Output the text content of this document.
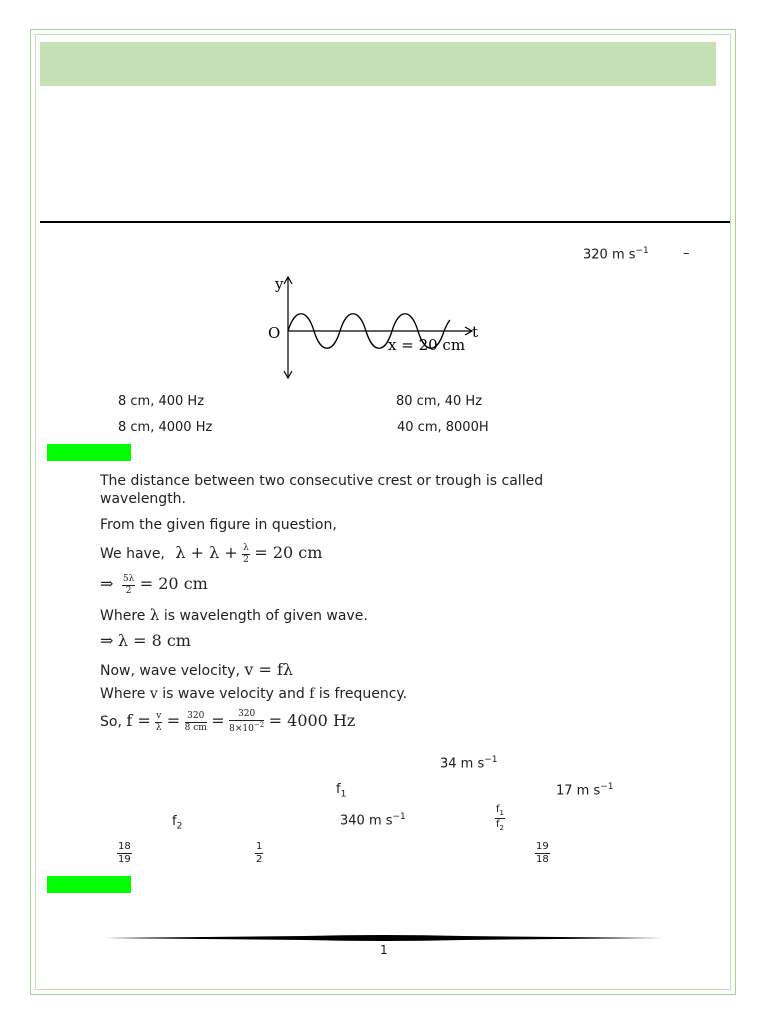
320 m $s^{-1}$	–
y
t
O
x = 20 cm
8 cm, 400 Hz	80 cm, 40 Hz
8 cm, 4000 Hz	40 cm, 8000H
The distance between two consecutive crest or trough is called
wavelength.
From the given figure in question,
We have, $\lambda + \lambda + \frac{\lambda}{2} = 20$ cm
⇒ $\frac{5\lambda}{2} = 20$ cm
Where λ is wavelength of given wave.
⇒ λ = 8 cm
Now, wave velocity, v = fλ
Where v is wave velocity and f is frequency.
So, $f = \frac{v}{\lambda} = \frac{320}{8 cm} = \frac{320}{8\times 10^{-2}} = 4000$ Hz
34 m $s^{-1}$
$f_1$	17 m $s^{-1}$
$f_2$	340 m $s^{-1}$	$\frac{f_1}{f_2}$
$\frac{18}{19}$	$\frac{1}{2}$	$\frac{19}{18}$
1
